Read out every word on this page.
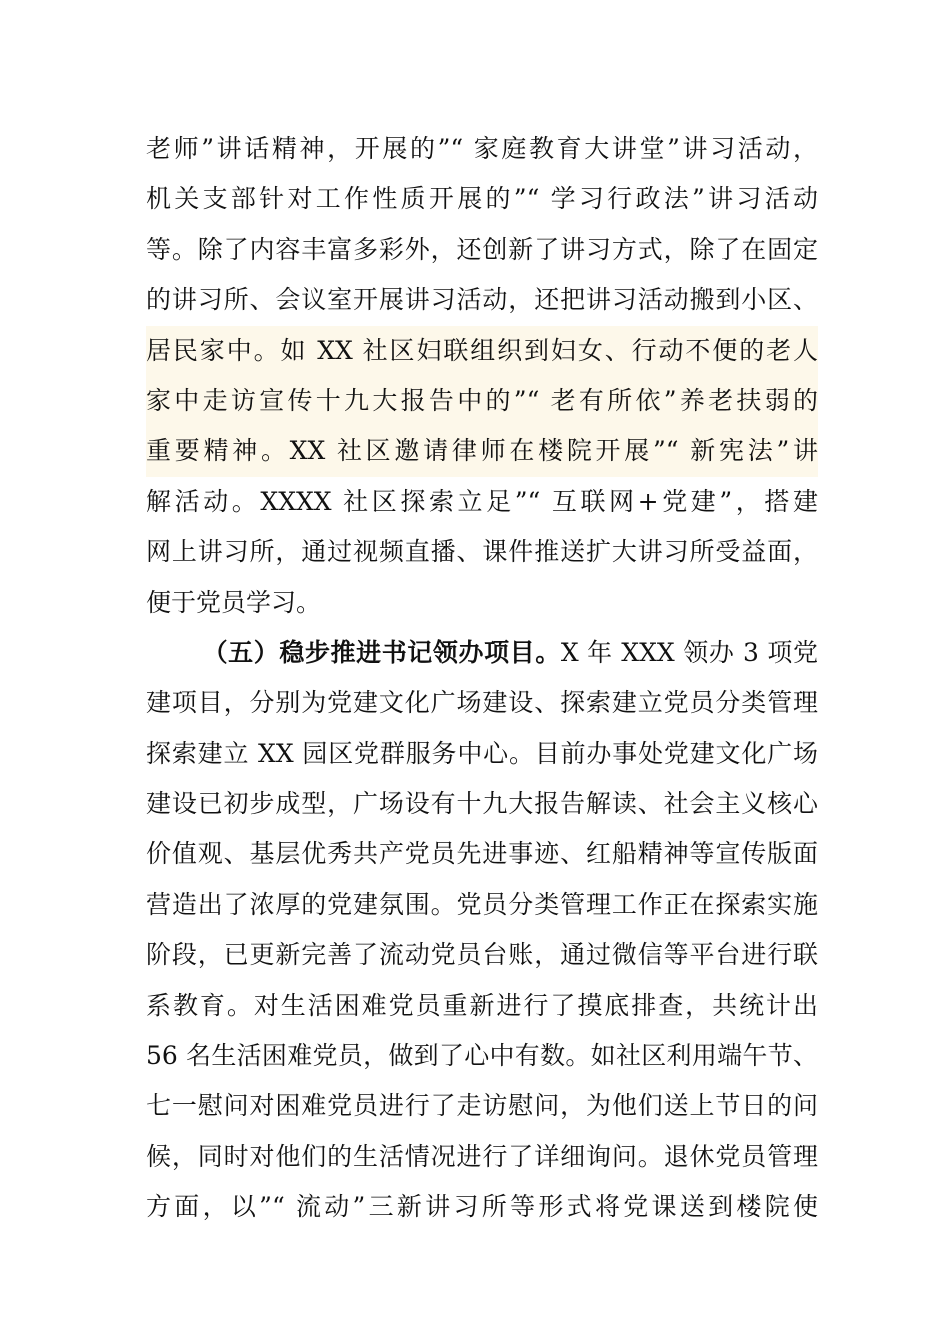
老师”讲话精神，开展的”“ 家庭教育大讲堂”讲习活动，
机关支部针对工作性质开展的”“ 学习行政法”讲习活动
等。除了内容丰富多彩外，还创新了讲习方式，除了在固定
的讲习所、会议室开展讲习活动，还把讲习活动搬到小区、
居民家中。如 XX 社区妇联组织到妇女、行动不便的老人
家中走访宣传十九大报告中的”“ 老有所依”养老扶弱的
重要精神。XX 社区邀请律师在楼院开展”“ 新宪法”讲
解活动。XXXX 社区探索立足”“ 互联网+党建”，搭建
网上讲习所，通过视频直播、课件推送扩大讲习所受益面，
便于党员学习。
（五）稳步推进书记领办项目。X 年 XXX 领办 3 项党
建项目，分别为党建文化广场建设、探索建立党员分类管理
探索建立 XX 园区党群服务中心。目前办事处党建文化广场
建设已初步成型，广场设有十九大报告解读、社会主义核心
价值观、基层优秀共产党员先进事迹、红船精神等宣传版面
营造出了浓厚的党建氛围。党员分类管理工作正在探索实施
阶段，已更新完善了流动党员台账，通过微信等平台进行联
系教育。对生活困难党员重新进行了摸底排查，共统计出
56 名生活困难党员，做到了心中有数。如社区利用端午节、
七一慰问对困难党员进行了走访慰问，为他们送上节日的问
候，同时对他们的生活情况进行了详细询问。退休党员管理
方面，以”“ 流动”三新讲习所等形式将党课送到楼院使
